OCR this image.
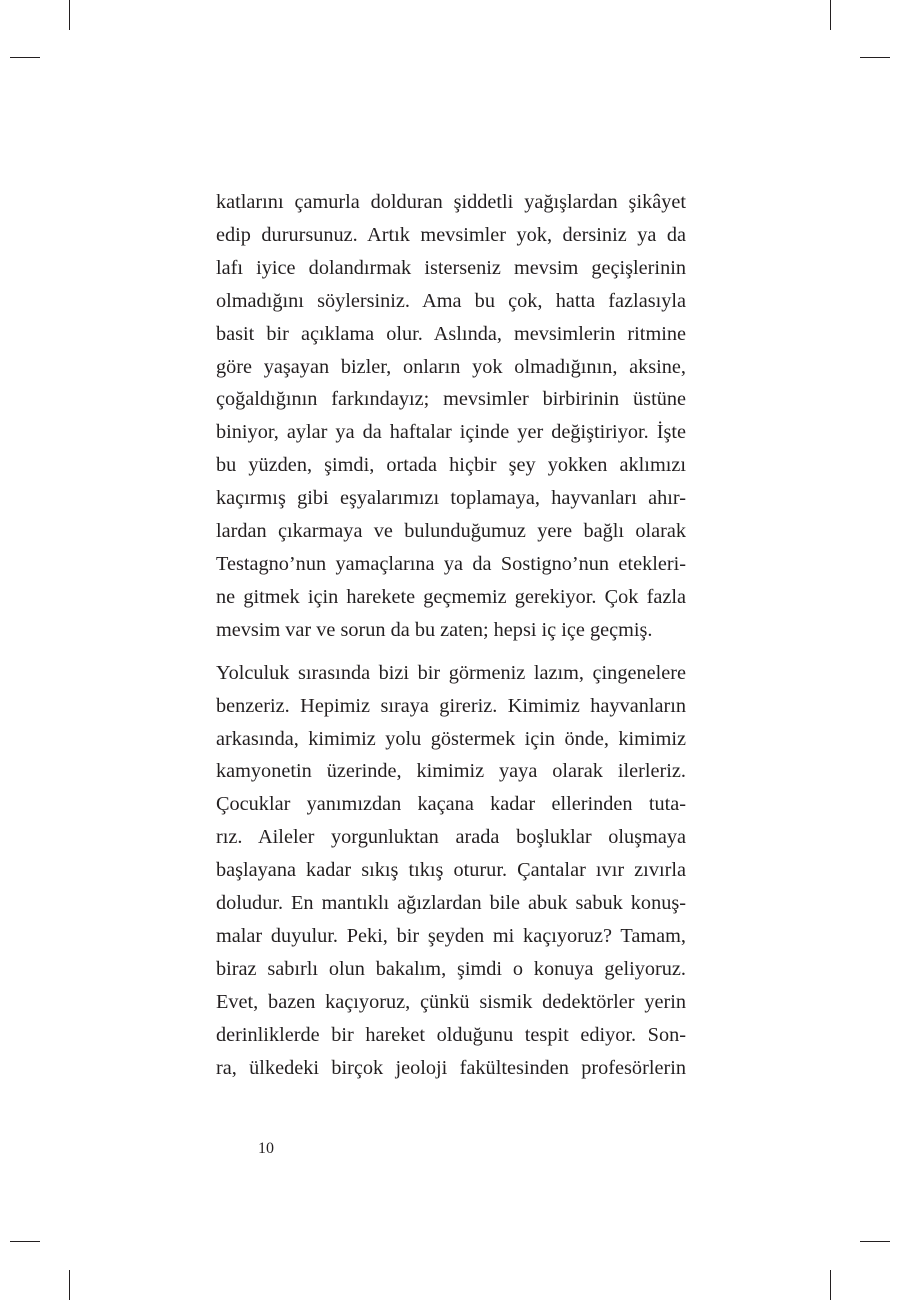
katlarını çamurla dolduran şiddetli yağışlardan şikâyet
edip durursunuz. Artık mevsimler yok, dersiniz ya da
lafı iyice dolandırmak isterseniz mevsim geçişlerinin
olmadığını söylersiniz. Ama bu çok, hatta fazlasıyla
basit bir açıklama olur. Aslında, mevsimlerin ritmine
göre yaşayan bizler, onların yok olmadığının, aksine,
çoğaldığının farkındayız; mevsimler birbirinin üstüne
biniyor, aylar ya da haftalar içinde yer değiştiriyor. İşte
bu yüzden, şimdi, ortada hiçbir şey yokken aklımızı
kaçırmış gibi eşyalarımızı toplamaya, hayvanları ahır-
lardan çıkarmaya ve bulunduğumuz yere bağlı olarak
Testagno’nun yamaçlarına ya da Sostigno’nun etekleri-
ne gitmek için harekete geçmemiz gerekiyor. Çok fazla
mevsim var ve sorun da bu zaten; hepsi iç içe geçmiş.

Yolculuk sırasında bizi bir görmeniz lazım, çingenelere
benzeriz. Hepimiz sıraya gireriz. Kimimiz hayvanların
arkasında, kimimiz yolu göstermek için önde, kimimiz
kamyonetin üzerinde, kimimiz yaya olarak ilerleriz.
Çocuklar yanımızdan kaçana kadar ellerinden tuta-
rız. Aileler yorgunluktan arada boşluklar oluşmaya
başlayana kadar sıkış tıkış oturur. Çantalar ıvır zıvırla
doludur. En mantıklı ağızlardan bile abuk sabuk konuş-
malar duyulur. Peki, bir şeyden mi kaçıyoruz? Tamam,
biraz sabırlı olun bakalım, şimdi o konuya geliyoruz.
Evet, bazen kaçıyoruz, çünkü sismik dedektörler yerin
derinliklerde bir hareket olduğunu tespit ediyor. Son-
ra, ülkedeki birçok jeoloji fakültesinden profesörlerin

10
